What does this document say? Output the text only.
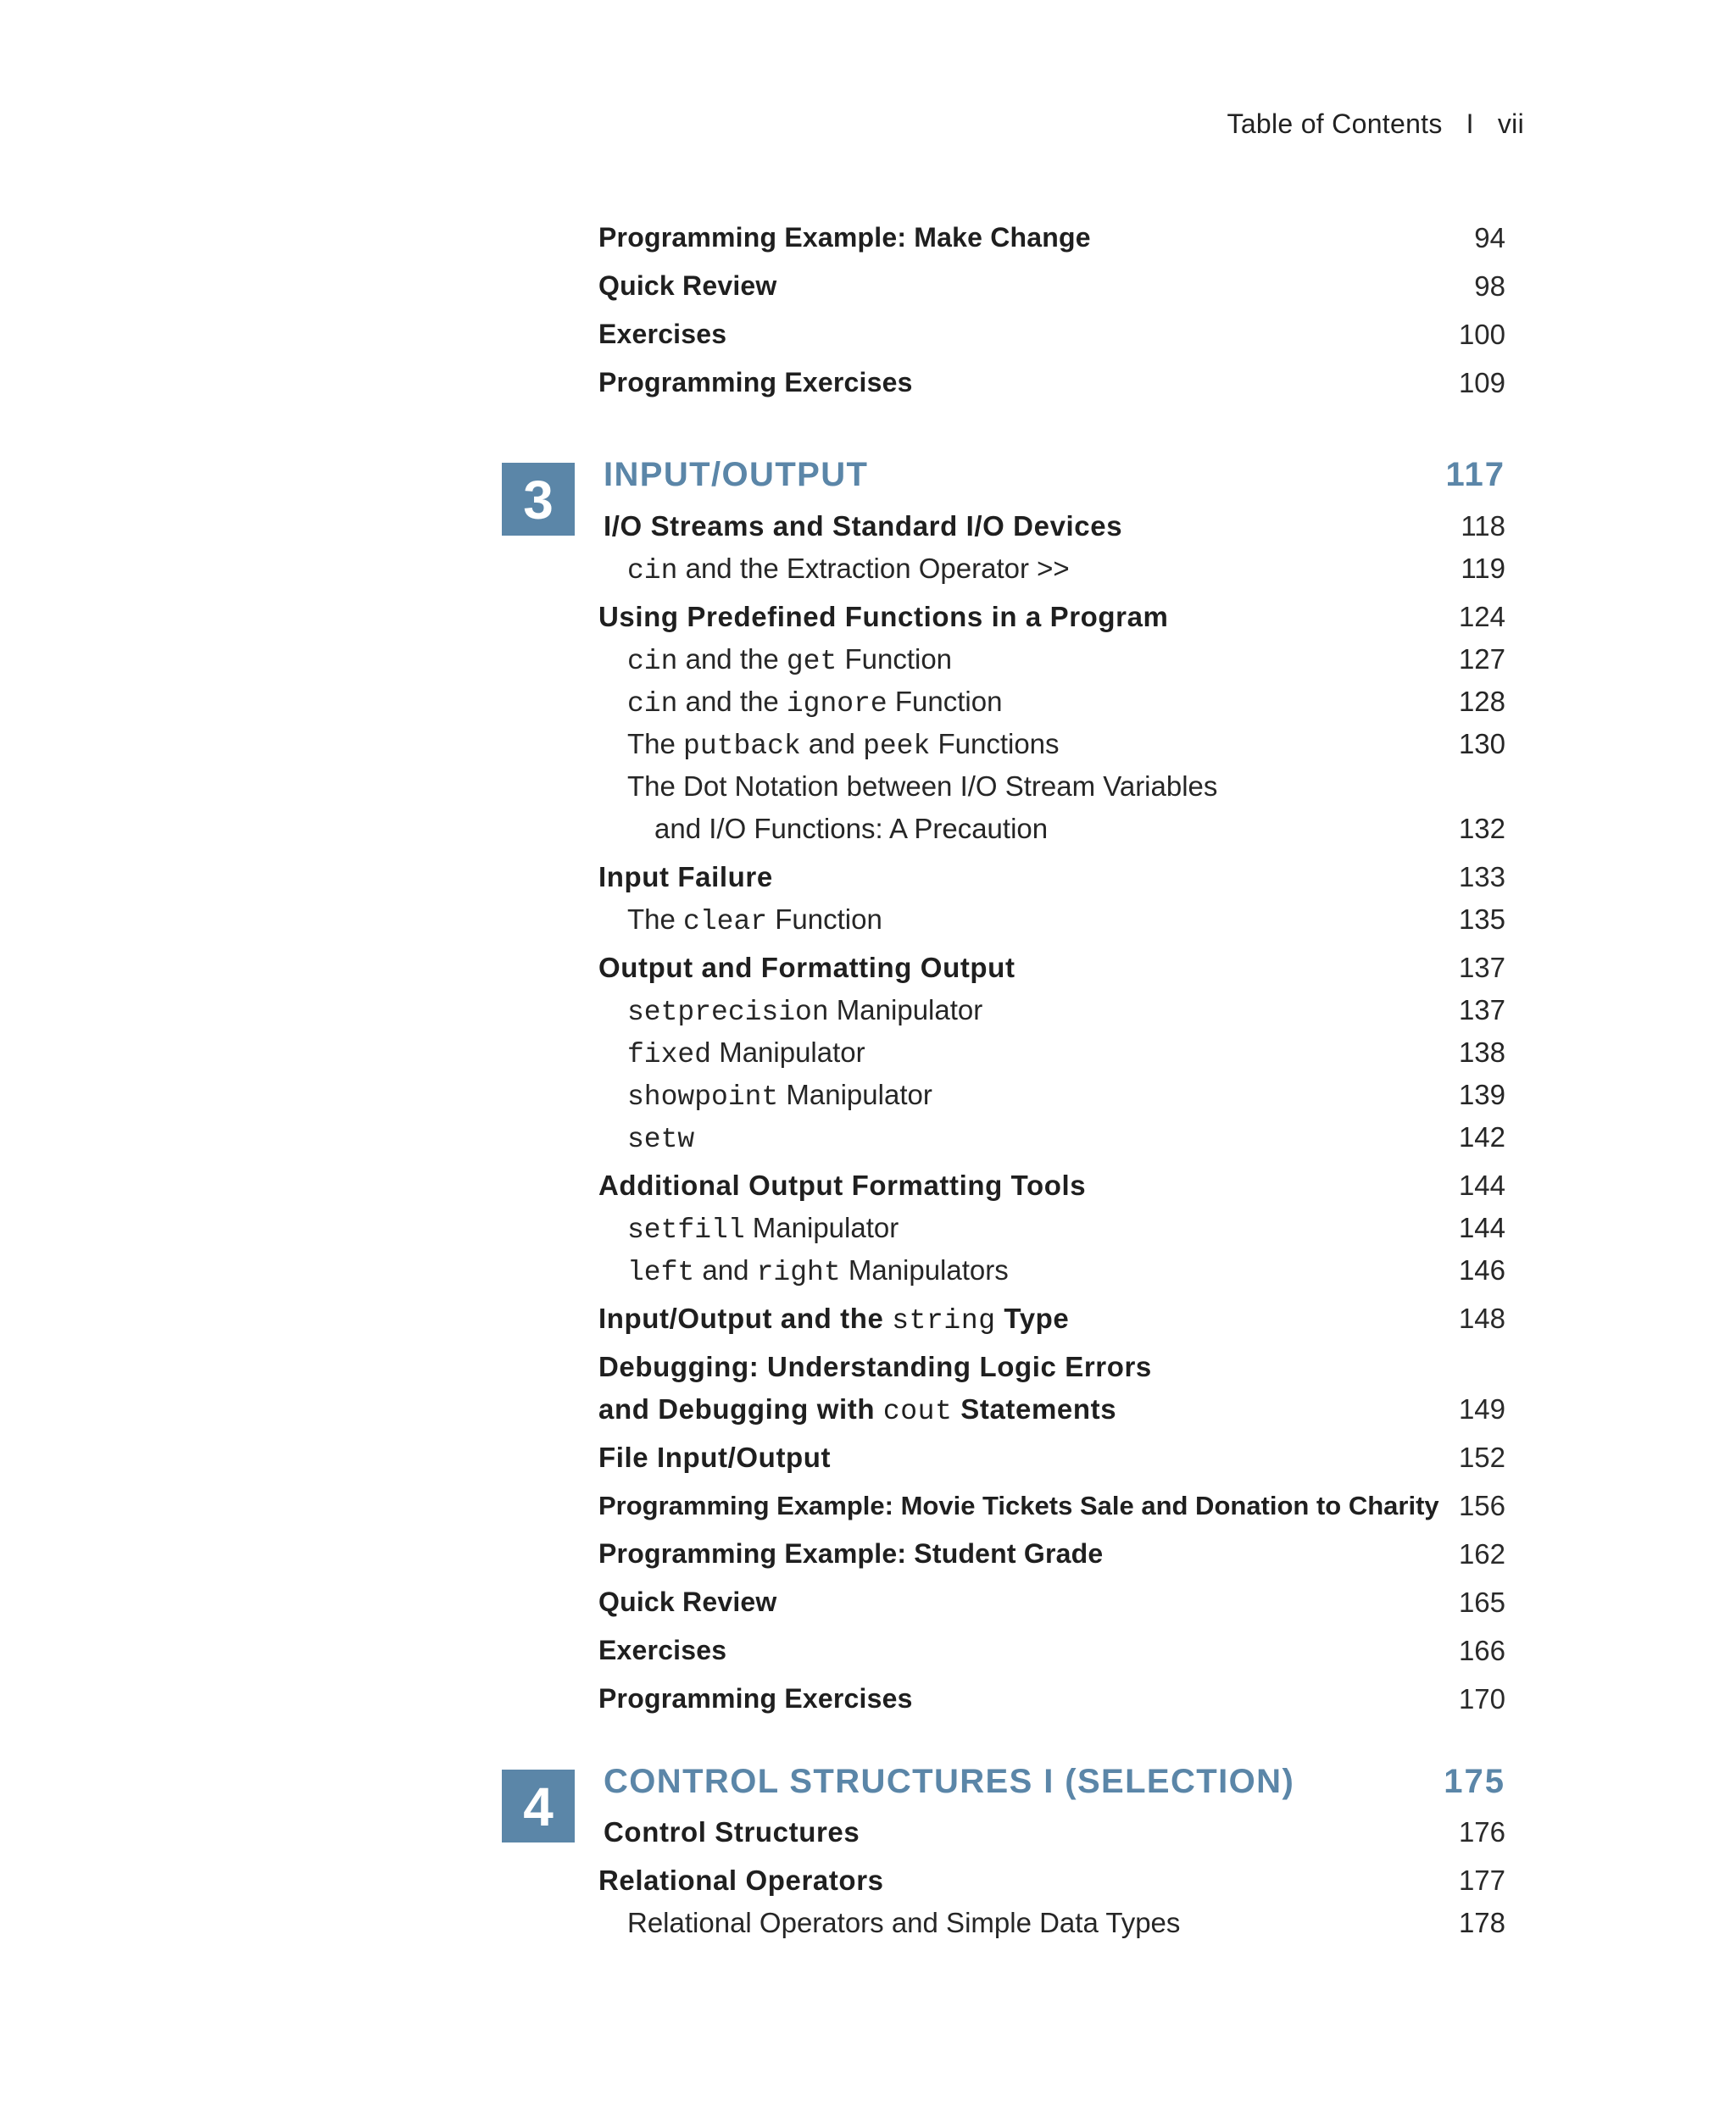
Table of Contents I vii
Programming Example: Make Change	94
Quick Review	98
Exercises	100
Programming Exercises	109
3	INPUT/OUTPUT	117
I/O Streams and Standard I/O Devices	118
cin and the Extraction Operator >>	119
Using Predefined Functions in a Program	124
cin and the get Function	127
cin and the ignore Function	128
The putback and peek Functions	130
The Dot Notation between I/O Stream Variables
and I/O Functions: A Precaution	132
Input Failure	133
The clear Function	135
Output and Formatting Output	137
setprecision Manipulator	137
fixed Manipulator	138
showpoint Manipulator	139
setw	142
Additional Output Formatting Tools	144
setfill Manipulator	144
left and right Manipulators	146
Input/Output and the string Type	148
Debugging: Understanding Logic Errors
and Debugging with cout Statements	149
File Input/Output	152
Programming Example: Movie Tickets Sale and Donation to Charity 156
Programming Example: Student Grade	162
Quick Review	165
Exercises	166
Programming Exercises	170
4	CONTROL STRUCTURES I (SELECTION)	175
Control Structures	176
Relational Operators	177
Relational Operators and Simple Data Types	178
